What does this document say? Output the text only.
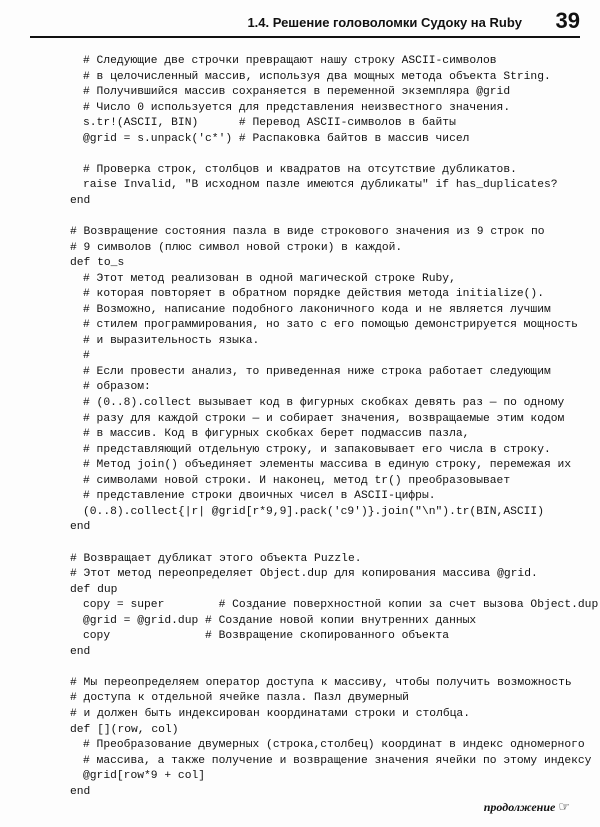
1.4. Решение головоломки Судоку на Ruby 39
# Следующие две строчки превращают нашу строку ASCII-символов
# в целочисленный массив, используя два мощных метода объекта String.
# Получившийся массив сохраняется в переменной экземпляра @grid
# Число 0 используется для представления неизвестного значения.
s.tr!(ASCII, BIN)      # Перевод ASCII-символов в байты
@grid = s.unpack('c*') # Распаковка байтов в массив чисел
# Проверка строк, столбцов и квадратов на отсутствие дубликатов.
raise Invalid, "В исходном пазле имеются дубликаты" if has_duplicates?
end
# Возвращение состояния пазла в виде строкового значения из 9 строк по
# 9 символов (плюс символ новой строки) в каждой.
def to_s
# Этот метод реализован в одной магической строке Ruby,
# которая повторяет в обратном порядке действия метода initialize().
# Возможно, написание подобного лаконичного кода и не является лучшим
# стилем программирования, но зато с его помощью демонстрируется мощность
# и выразительность языка.
#
# Если провести анализ, то приведенная ниже строка работает следующим
# образом:
# (0..8).collect вызывает код в фигурных скобках девять раз — по одному
# разу для каждой строки — и собирает значения, возвращаемые этим кодом
# в массив. Код в фигурных скобках берет подмассив пазла,
# представляющий отдельную строку, и запаковывает его числа в строку.
# Метод join() объединяет элементы массива в единую строку, перемежая их
# символами новой строки. И наконец, метод tr() преобразовывает
# представление строки двоичных чисел в ASCII-цифры.
(0..8).collect{|r| @grid[r*9,9].pack('c9')}.join("\n").tr(BIN,ASCII)
end
# Возвращает дубликат этого объекта Puzzle.
# Этот метод переопределяет Object.dup для копирования массива @grid.
def dup
copy = super        # Создание поверхностной копии за счет вызова Object.dup
@grid = @grid.dup # Создание новой копии внутренних данных
copy              # Возвращение скопированного объекта
end
# Мы переопределяем оператор доступа к массиву, чтобы получить возможность
# доступа к отдельной ячейке пазла. Пазл двумерный
# и должен быть индексирован координатами строки и столбца.
def [](row, col)
# Преобразование двумерных (строка,столбец) координат в индекс одномерного
# массива, а также получение и возвращение значения ячейки по этому индексу
@grid[row*9 + col]
end
продолжение ☞
